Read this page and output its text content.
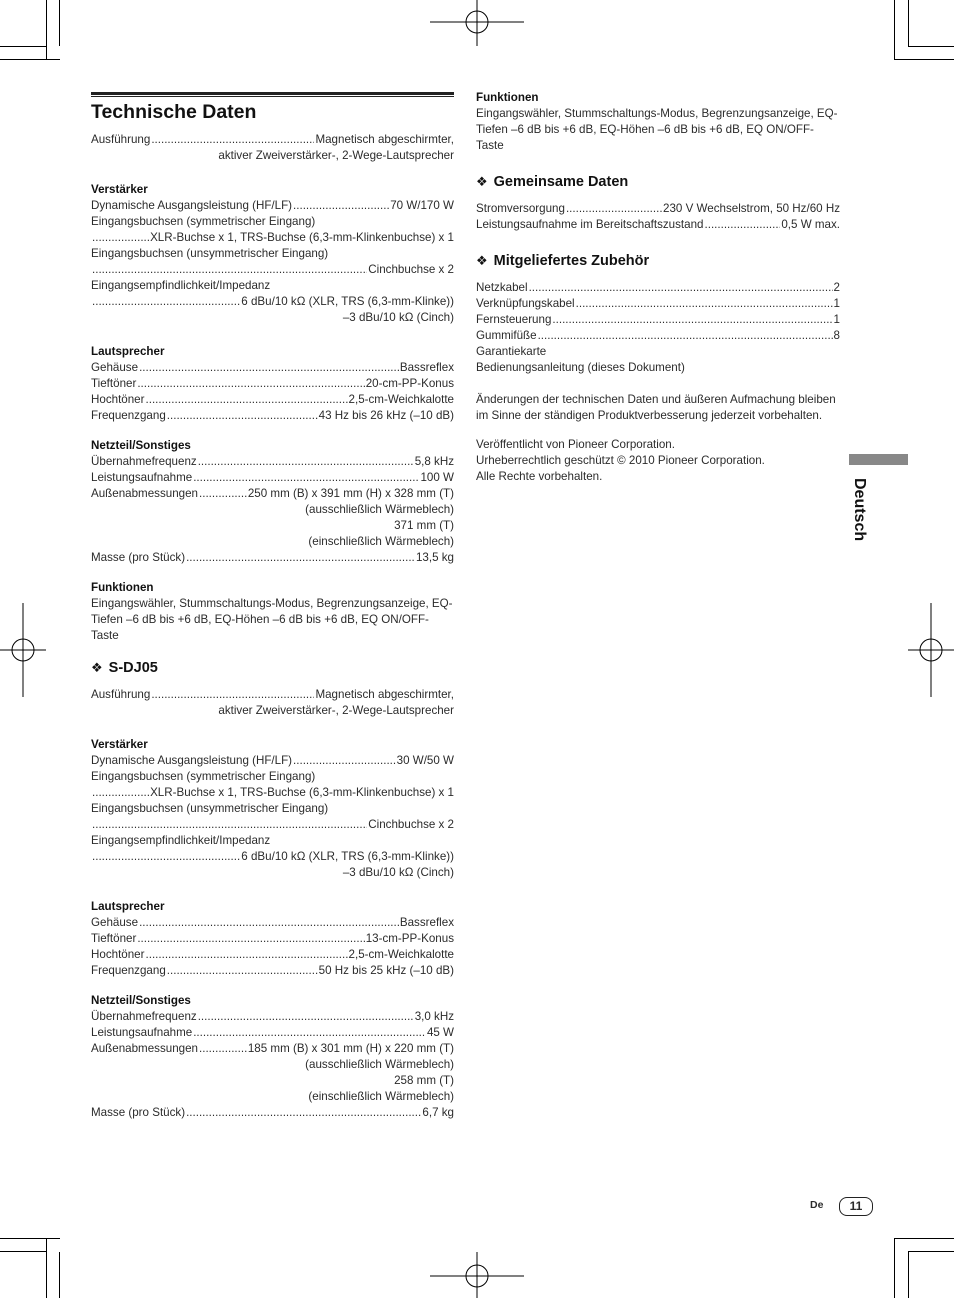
Technische Daten
Ausführung .....	Magnetisch abgeschirmter,
aktiver Zweiverstärker-, 2-Wege-Lautsprecher
Verstärker
Dynamische Ausgangsleistung (HF/LF) .....	70 W/170 W
Eingangsbuchsen (symmetrischer Eingang)
.....
XLR-Buchse x 1, TRS-Buchse (6,3-mm-Klinkenbuchse) x 1
Eingangsbuchsen (unsymmetrischer Eingang)
.....
Cinchbuchse x 2
Eingangsempfindlichkeit/Impedanz
.....
6 dBu/10 kΩ (XLR, TRS (6,3-mm-Klinke))
–3 dBu/10 kΩ (Cinch)
Lautsprecher
Gehäuse .....	Bassreflex
Tieftöner .....	20-cm-PP-Konus
Hochtöner .....	2,5-cm-Weichkalotte
Frequenzgang .....	43 Hz bis 26 kHz (–10 dB)
Netzteil/Sonstiges
Übernahmefrequenz .....	5,8 kHz
Leistungsaufnahme .....	100 W
Außenabmessungen .....	250 mm (B) x 391 mm (H) x 328 mm (T)
(ausschließlich Wärmeblech)
371 mm (T)
(einschließlich Wärmeblech)
Masse (pro Stück) .....	13,5 kg
Funktionen
Eingangswähler, Stummschaltungs-Modus, Begrenzungsanzeige, EQ-Tiefen –6 dB bis +6 dB, EQ-Höhen –6 dB bis +6 dB, EQ ON/OFF-Taste
❖ S-DJ05
Ausführung .....	Magnetisch abgeschirmter,
aktiver Zweiverstärker-, 2-Wege-Lautsprecher
Verstärker
Dynamische Ausgangsleistung (HF/LF) .....	30 W/50 W
Eingangsbuchsen (symmetrischer Eingang)
.....
XLR-Buchse x 1, TRS-Buchse (6,3-mm-Klinkenbuchse) x 1
Eingangsbuchsen (unsymmetrischer Eingang)
.....
Cinchbuchse x 2
Eingangsempfindlichkeit/Impedanz
.....
6 dBu/10 kΩ (XLR, TRS (6,3-mm-Klinke))
–3 dBu/10 kΩ (Cinch)
Lautsprecher
Gehäuse .....	Bassreflex
Tieftöner .....	13-cm-PP-Konus
Hochtöner .....	2,5-cm-Weichkalotte
Frequenzgang .....	50 Hz bis 25 kHz (–10 dB)
Netzteil/Sonstiges
Übernahmefrequenz .....	3,0 kHz
Leistungsaufnahme .....	45 W
Außenabmessungen .....	185 mm (B) x 301 mm (H) x 220 mm (T)
(ausschließlich Wärmeblech)
258 mm (T)
(einschließlich Wärmeblech)
Masse (pro Stück) .....	6,7 kg
Funktionen
Eingangswähler, Stummschaltungs-Modus, Begrenzungsanzeige, EQ-Tiefen –6 dB bis +6 dB, EQ-Höhen –6 dB bis +6 dB, EQ ON/OFF-Taste
❖ Gemeinsame Daten
Stromversorgung .....	230 V Wechselstrom, 50 Hz/60 Hz
Leistungsaufnahme im Bereitschaftszustand .....	0,5 W max.
❖ Mitgeliefertes Zubehör
Netzkabel .....	2
Verknüpfungskabel .....	1
Fernsteuerung .....	1
Gummifüße .....	8
Garantiekarte
Bedienungsanleitung (dieses Dokument)
Änderungen der technischen Daten und äußeren Aufmachung bleiben im Sinne der ständigen Produktverbesserung jederzeit vorbehalten.
Veröffentlicht von Pioneer Corporation.
Urheberrechtlich geschützt © 2010 Pioneer Corporation.
Alle Rechte vorbehalten.
Deutsch
De	11
